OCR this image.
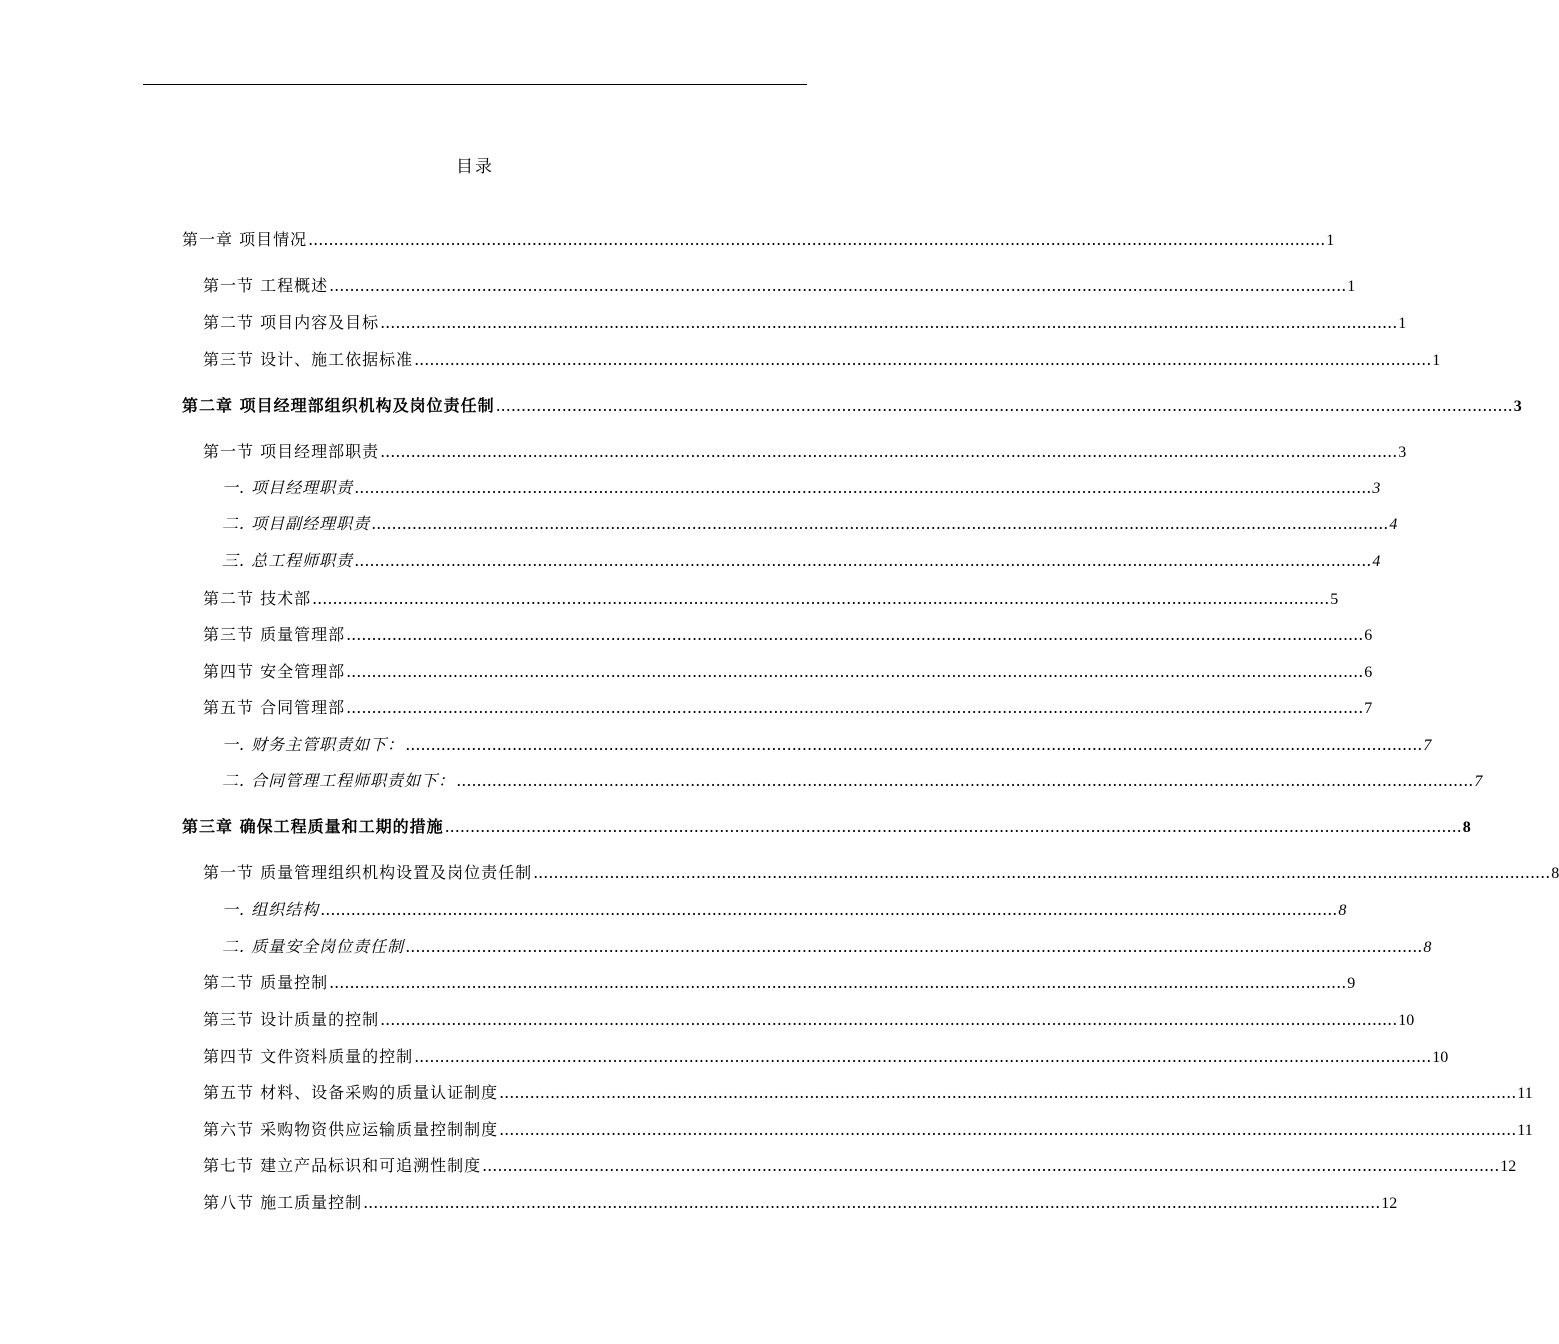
目录
第一章 项目情况 ........................................................................................................................................................................................................ 1
第一节 工程概述 ........................................................................................................................................................................................................ 1
第二节 项目内容及目标 ........................................................................................................................................................................................................ 1
第三节 设计、施工依据标准 ........................................................................................................................................................................................................ 1
第二章 项目经理部组织机构及岗位责任制 ........................................................................................................................................................................................................ 3
第一节 项目经理部职责 ........................................................................................................................................................................................................ 3
一. 项目经理职责 ........................................................................................................................................................................................................ 3
二. 项目副经理职责 ........................................................................................................................................................................................................ 4
三. 总工程师职责 ........................................................................................................................................................................................................ 4
第二节 技术部 ........................................................................................................................................................................................................ 5
第三节 质量管理部 ........................................................................................................................................................................................................ 6
第四节 安全管理部 ........................................................................................................................................................................................................ 6
第五节 合同管理部 ........................................................................................................................................................................................................ 7
一. 财务主管职责如下： ........................................................................................................................................................................................................ 7
二. 合同管理工程师职责如下： ........................................................................................................................................................................................................ 7
第三章 确保工程质量和工期的措施 ........................................................................................................................................................................................................ 8
第一节 质量管理组织机构设置及岗位责任制 ........................................................................................................................................................................................................ 8
一. 组织结构 ........................................................................................................................................................................................................ 8
二. 质量安全岗位责任制 ........................................................................................................................................................................................................ 8
第二节 质量控制 ........................................................................................................................................................................................................ 9
第三节 设计质量的控制 ........................................................................................................................................................................................................ 10
第四节 文件资料质量的控制 ........................................................................................................................................................................................................ 10
第五节 材料、设备采购的质量认证制度 ........................................................................................................................................................................................................ 11
第六节 采购物资供应运输质量控制制度 ........................................................................................................................................................................................................ 11
第七节 建立产品标识和可追溯性制度 ........................................................................................................................................................................................................ 12
第八节 施工质量控制 ........................................................................................................................................................................................................ 12
